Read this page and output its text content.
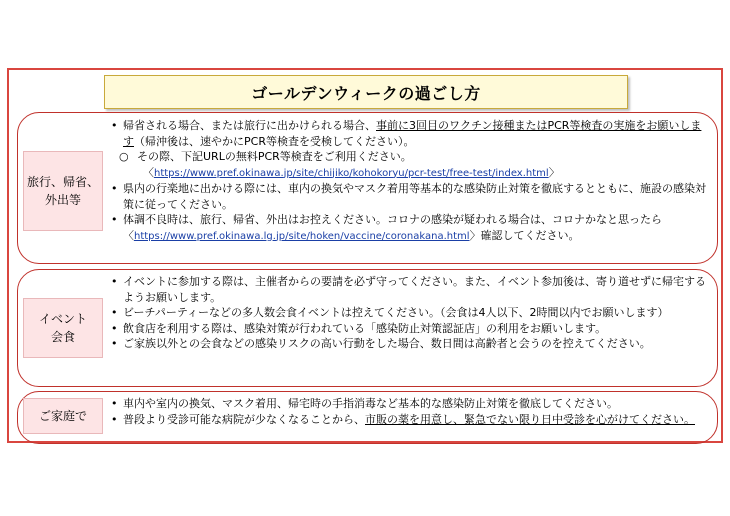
ゴールデンウィークの過ごし方
旅行、帰省、
外出等
• 帰省される場合、または旅行に出かけられる場合、事前に3回目のワクチン接種またはPCR等検査の実施をお願いします（帰沖後は、速やかにPCR等検査を受検してください）。
○ その際、下記URLの無料PCR等検査をご利用ください。
〈https://www.pref.okinawa.jp/site/chijiko/kohokoryu/pcr-test/free-test/index.html〉
• 県内の行楽地に出かける際には、車内の換気やマスク着用等基本的な感染防止対策を徹底するとともに、施設の感染対策に従ってください。
• 体調不良時は、旅行、帰省、外出はお控えください。コロナの感染が疑われる場合は、コロナかなと思ったら〈https://www.pref.okinawa.lg.jp/site/hoken/vaccine/coronakana.html〉確認してください。
イベント
会食
• イベントに参加する際は、主催者からの要請を必ず守ってください。また、イベント参加後は、寄り道せずに帰宅するようお願いします。
• ビーチパーティーなどの多人数会食イベントは控えてください。（会食は4人以下、2時間以内でお願いします）
• 飲食店を利用する際は、感染対策が行われている「感染防止対策認証店」の利用をお願いします。
• ご家族以外との会食などの感染リスクの高い行動をした場合、数日間は高齢者と会うのを控えてください。
ご家庭で
• 車内や室内の換気、マスク着用、帰宅時の手指消毒など基本的な感染防止対策を徹底してください。
• 普段より受診可能な病院が少なくなることから、市販の薬を用意し、緊急でない限り日中受診を心がけてください。
